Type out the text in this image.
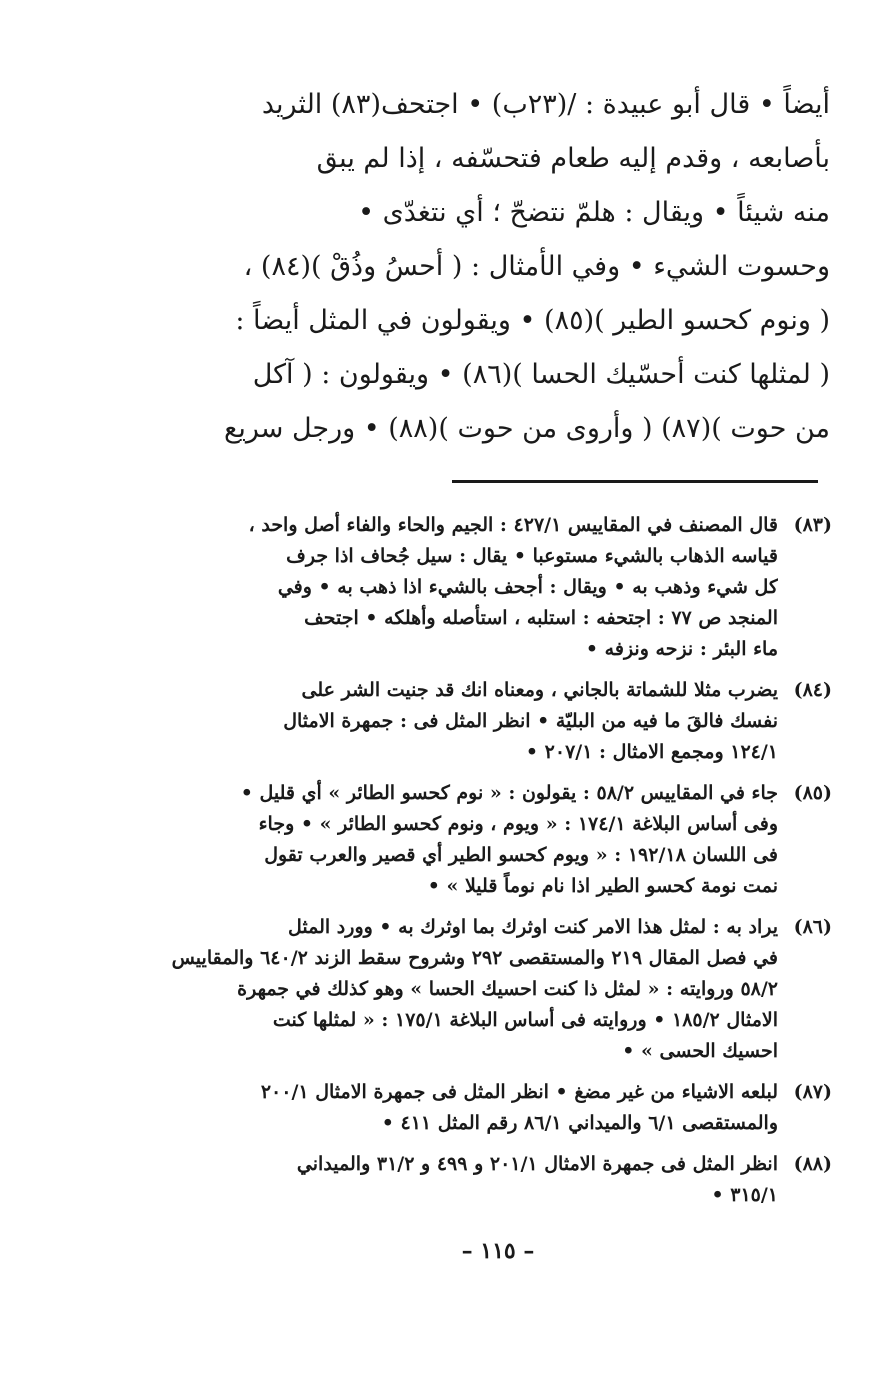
أيضاً • قال أبو عبيدة : /(٢٣ب) • اجتحف(٨٣) الثريد
بأصابعه ، وقدم إليه طعام فتحسّفه ، إذا لم يبق
منه شيئاً • ويقال : هلمّ نتضحّ ؛ أي نتغدّى •
وحسوت الشيء • وفي الأمثال : ( أحسُ وذُقْ )(٨٤) ،
( ونوم كحسو الطير )(٨٥) • ويقولون في المثل أيضاً :
( لمثلها كنت أحسّيك الحسا )(٨٦) • ويقولون : ( آكل
من حوت )(٨٧) ( وأروى من حوت )(٨٨) • ورجل سريع
(٨٣)
قال المصنف في المقاييس ٤٢٧/١ : الجيم والحاء والفاء أصل واحد ،
قياسه الذهاب بالشيء مستوعبا • يقال : سيل جُحاف اذا جرف
كل شيء وذهب به • ويقال : أجحف بالشيء اذا ذهب به • وفي
المنجد ص ٧٧ : اجتحفه : استلبه ، استأصله وأهلكه • اجتحف
ماء البئر : نزحه ونزفه •
(٨٤)
يضرب مثلا للشماتة بالجاني ، ومعناه انك قد جنيت الشر على
نفسك فالقَ ما فيه من البليّة • انظر المثل فى : جمهرة الامثال
١٢٤/١ ومجمع الامثال : ٢٠٧/١ •
(٨٥)
جاء في المقاييس ٥٨/٢ : يقولون : « نوم كحسو الطائر » أي قليل •
وفى أساس البلاغة ١٧٤/١ : « ويوم ، ونوم كحسو الطائر » • وجاء
فى اللسان ١٩٢/١٨ : « ويوم كحسو الطير أي قصير والعرب تقول
نمت نومة كحسو الطير اذا نام نوماً قليلا » •
(٨٦)
يراد به : لمثل هذا الامر كنت اوثرك بما اوثرك به • وورد المثل
في فصل المقال ٢١٩ والمستقصى ٢٩٢ وشروح سقط الزند ٦٤٠/٢ والمقاييس
٥٨/٢ وروايته : « لمثل ذا كنت احسيك الحسا » وهو كذلك في جمهرة
الامثال ١٨٥/٢ • وروايته فى أساس البلاغة ١٧٥/١ : « لمثلها كنت
احسيك الحسى » •
(٨٧)
لبلعه الاشياء من غير مضغ • انظر المثل فى جمهرة الامثال ٢٠٠/١
والمستقصى ٦/١ والميداني ٨٦/١ رقم المثل ٤١١ •
(٨٨)
انظر المثل فى جمهرة الامثال ٢٠١/١ و ٤٩٩ و ٣١/٢ والميداني
٣١٥/١ •
– ١١٥ –
